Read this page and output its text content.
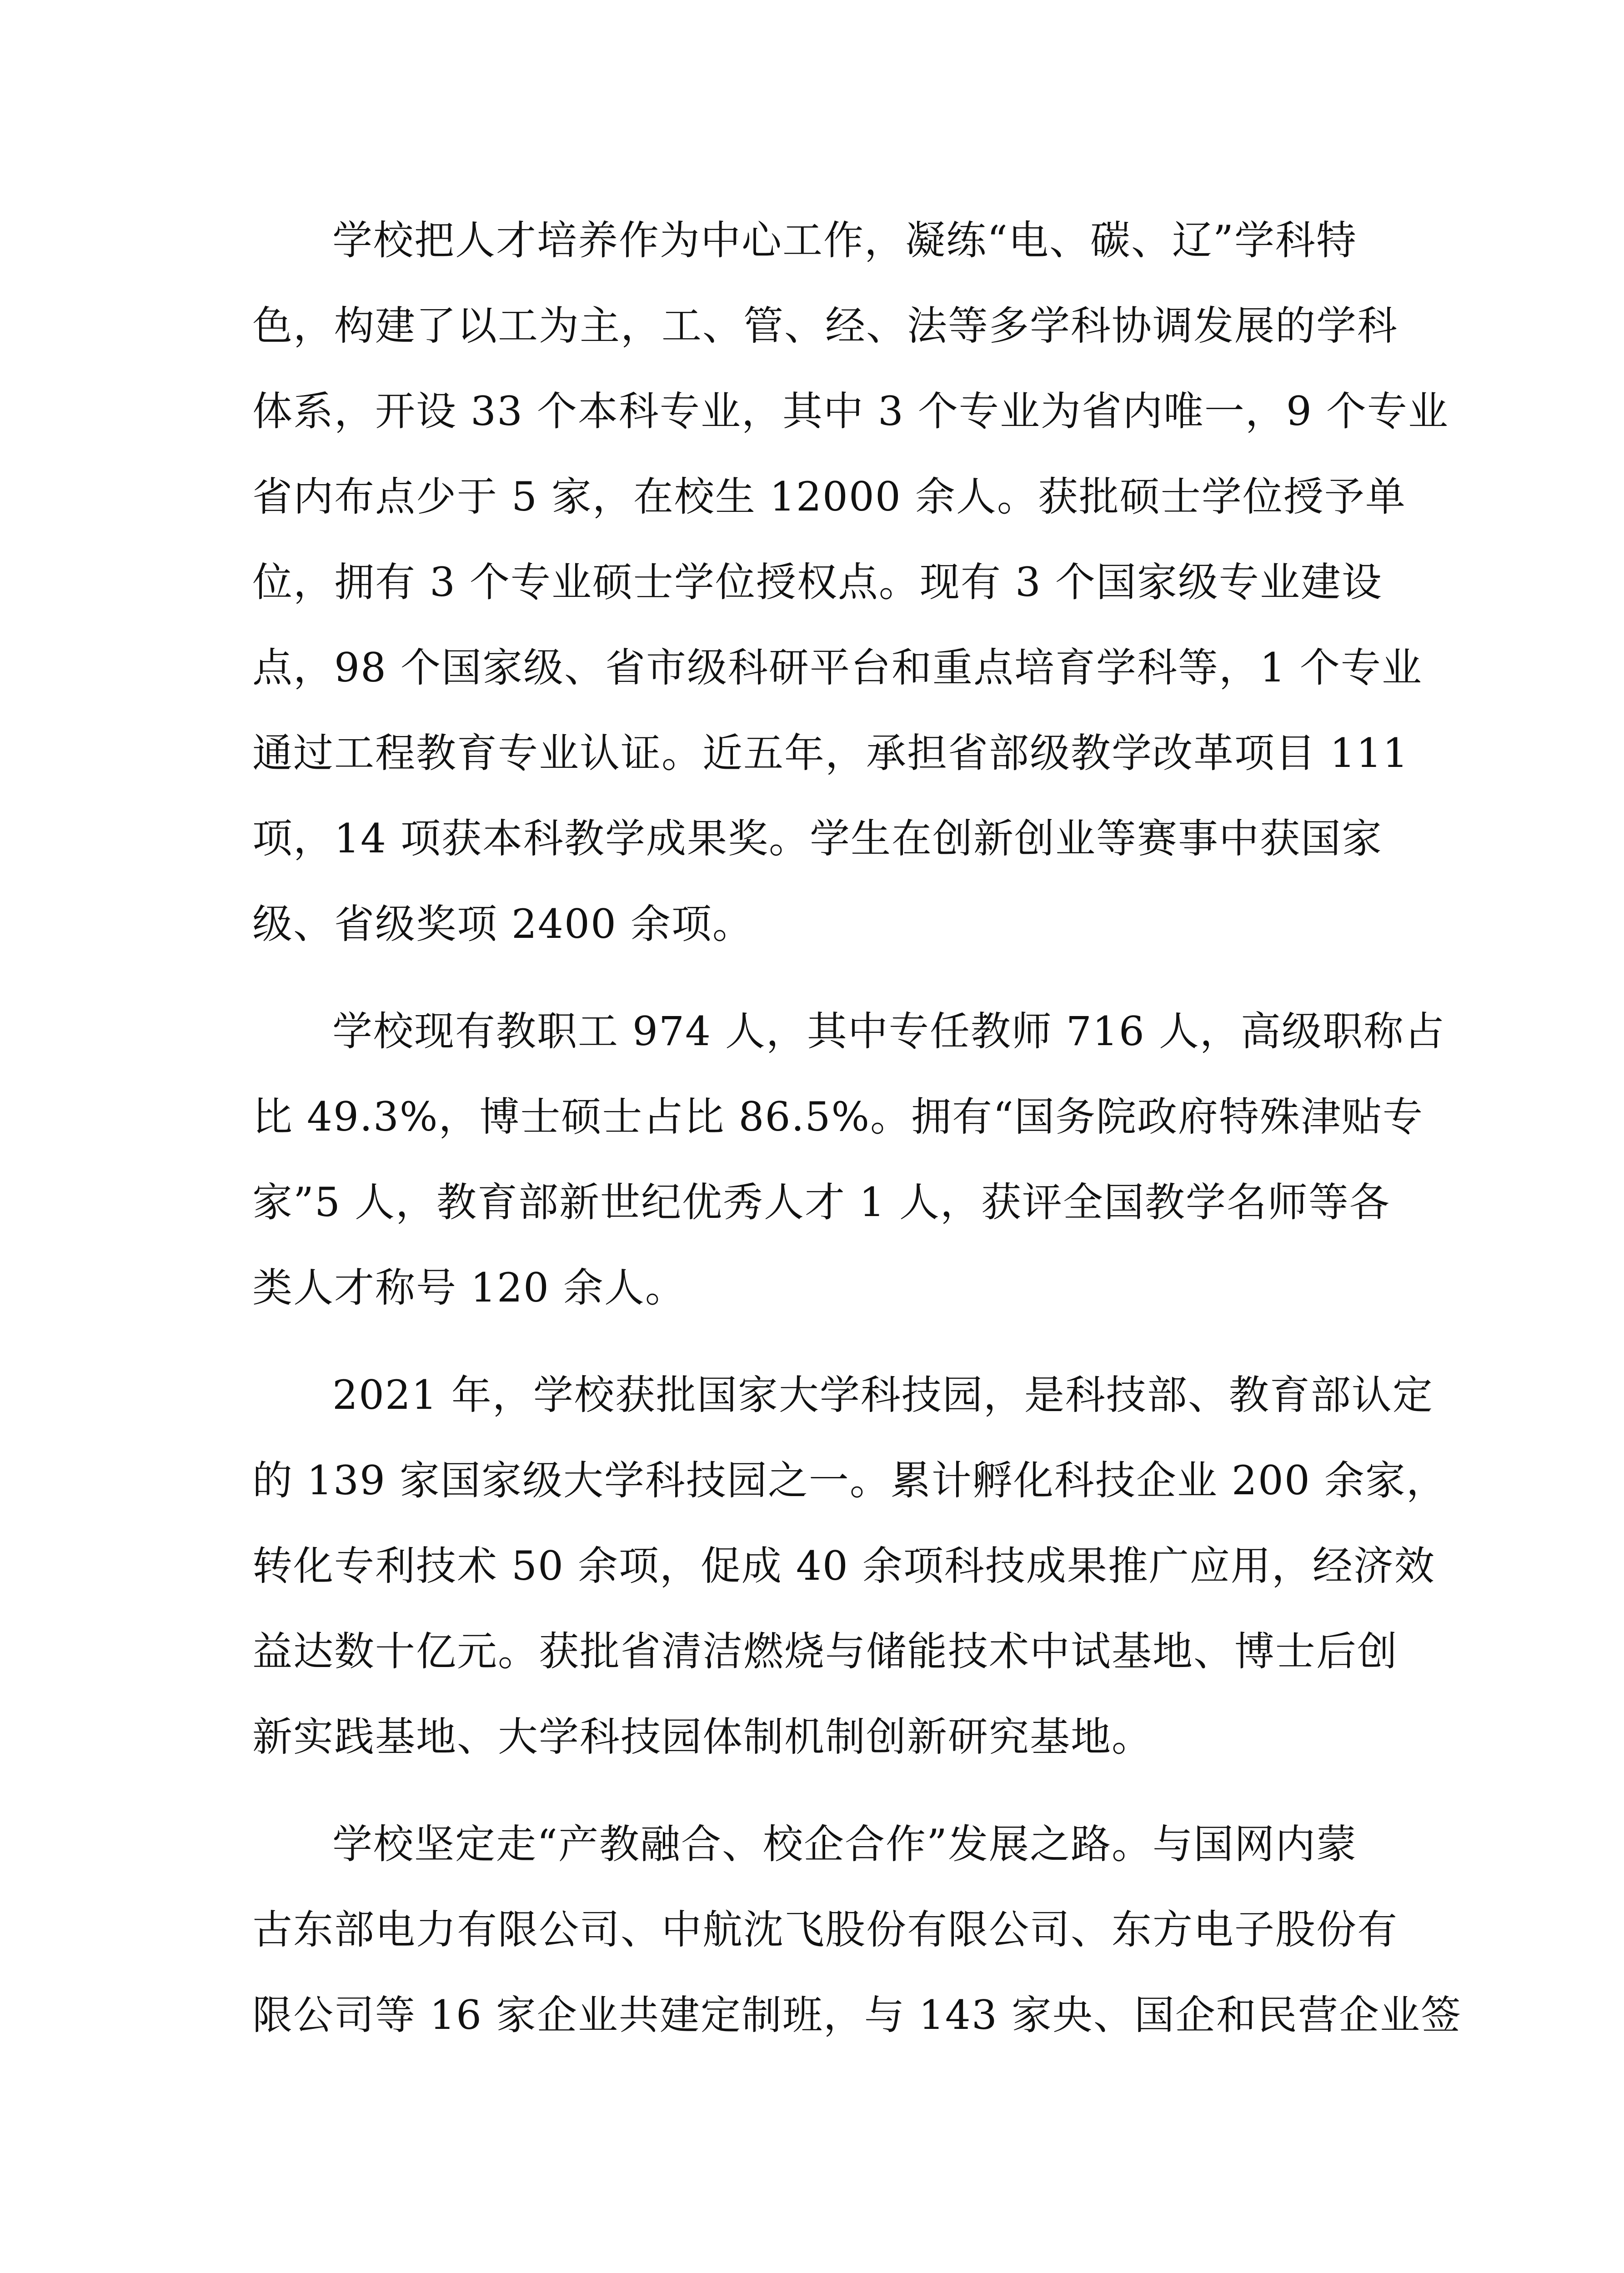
学校把人才培养作为中心工作，凝练“电、碳、辽”学科特
色，构建了以工为主，工、管、经、法等多学科协调发展的学科
体系，开设 33 个本科专业，其中 3 个专业为省内唯一，9 个专业
省内布点少于 5 家，在校生 12000 余人。获批硕士学位授予单
位，拥有 3 个专业硕士学位授权点。现有 3 个国家级专业建设
点，98 个国家级、省市级科研平台和重点培育学科等，1 个专业
通过工程教育专业认证。近五年，承担省部级教学改革项目 111
项，14 项获本科教学成果奖。学生在创新创业等赛事中获国家
级、省级奖项 2400 余项。

学校现有教职工 974 人，其中专任教师 716 人，高级职称占
比 49.3%，博士硕士占比 86.5%。拥有“国务院政府特殊津贴专
家”5 人，教育部新世纪优秀人才 1 人，获评全国教学名师等各
类人才称号 120 余人。

2021 年，学校获批国家大学科技园，是科技部、教育部认定
的 139 家国家级大学科技园之一。累计孵化科技企业 200 余家，
转化专利技术 50 余项，促成 40 余项科技成果推广应用，经济效
益达数十亿元。获批省清洁燃烧与储能技术中试基地、博士后创
新实践基地、大学科技园体制机制创新研究基地。

学校坚定走“产教融合、校企合作”发展之路。与国网内蒙
古东部电力有限公司、中航沈飞股份有限公司、东方电子股份有
限公司等 16 家企业共建定制班，与 143 家央、国企和民营企业签
